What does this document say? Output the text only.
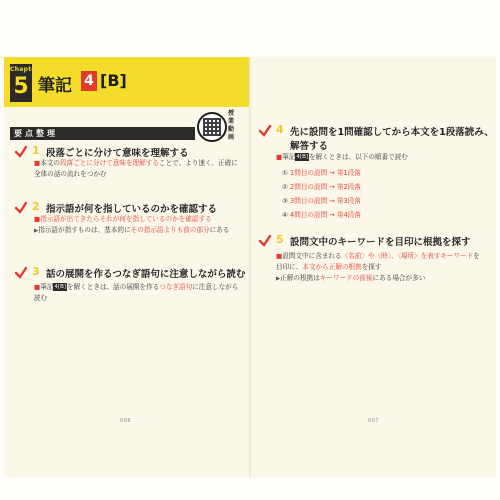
Chapter
5 筆記 4 [B]
授業動画
要点整理
1 段落ごとに分けて意味を理解する
■本文の段落ごとに分けて意味を理解することで、より速く、正確に全体の話の流れをつかむ
2 指示語が何を指しているのかを確認する
■指示語が出てきたらそれが何を指しているのかを確認する
▶指示語が指すものは、基本的にその指示語よりも前の部分にある
3 話の展開を作るつなぎ語句に注意しながら読む
■筆記4[B]を解くときは、話の展開を作るつなぎ語句に注意しながら読む
006
4 先に設問を1問確認してから本文を1段落読み、
解答する
■筆記4[B]を解くときは、以下の順番で読む
① 1問目の設問 → 第1段落
② 2問目の設問 → 第2段落
③ 3問目の設問 → 第3段落
④ 4問目の設問 → 第4段落
5 設問文中のキーワードを目印に根拠を探す
■設問文中に含まれる〈名前〉や〈時〉、〈場所〉を表すキーワードを目印に、本文から正解の根拠を探す
▶正解の根拠はキーワードの前後にある場合が多い
007
